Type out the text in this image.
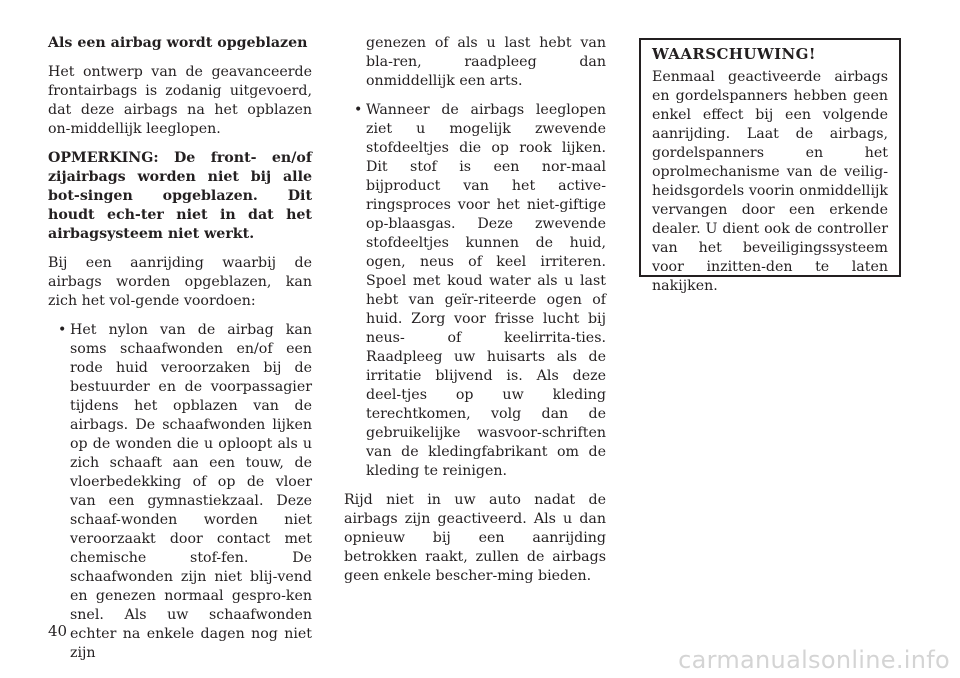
Als een airbag wordt opgeblazen

Het ontwerp van de geavanceerde frontairbags is zodanig uitgevoerd, dat deze airbags na het opblazen on-middellijk leeglopen.

OPMERKING: De front- en/of zijairbags worden niet bij alle bot-singen opgeblazen. Dit houdt ech-ter niet in dat het airbagsysteem niet werkt.

Bij een aanrijding waarbij de airbags worden opgeblazen, kan zich het vol-gende voordoen:

• Het nylon van de airbag kan soms schaafwonden en/of een rode huid veroorzaken bij de bestuurder en de voorpassagier tijdens het opblazen van de airbags. De schaafwonden lijken op de wonden die u oploopt als u zich schaaft aan een touw, de vloerbedekking of op de vloer van een gymnastiekzaal. Deze schaaf-wonden worden niet veroorzaakt door contact met chemische stof-fen. De schaafwonden zijn niet blij-vend en genezen normaal gespro-ken snel. Als uw schaafwonden echter na enkele dagen nog niet zijn
genezen of als u last hebt van bla-ren, raadpleeg dan onmiddellijk een arts.
• Wanneer de airbags leeglopen ziet u mogelijk zwevende stofdeeltjes die op rook lijken. Dit stof is een nor-maal bijproduct van het active-ringsproces voor het niet-giftige op-blaasgas. Deze zwevende stofdeeltjes kunnen de huid, ogen, neus of keel irriteren. Spoel met koud water als u last hebt van geïr-riteerde ogen of huid. Zorg voor frisse lucht bij neus- of keelirrita-ties. Raadpleeg uw huisarts als de irritatie blijvend is. Als deze deel-tjes op uw kleding terechtkomen, volg dan de gebruikelijke wasvoor-schriften van de kledingfabrikant om de kleding te reinigen.

Rijd niet in uw auto nadat de airbags zijn geactiveerd. Als u dan opnieuw bij een aanrijding betrokken raakt, zullen de airbags geen enkele bescher-ming bieden.

WAARSCHUWING!

Eenmaal geactiveerde airbags en gordelspanners hebben geen enkel effect bij een volgende aanrijding. Laat de airbags, gordelspanners en het oprolmechanisme van de veilig-heidsgordels voorin onmiddellijk vervangen door een erkende dealer. U dient ook de controller van het beveiligingssysteem voor inzitten-den te laten nakijken.

40
carmanualsonline.info
